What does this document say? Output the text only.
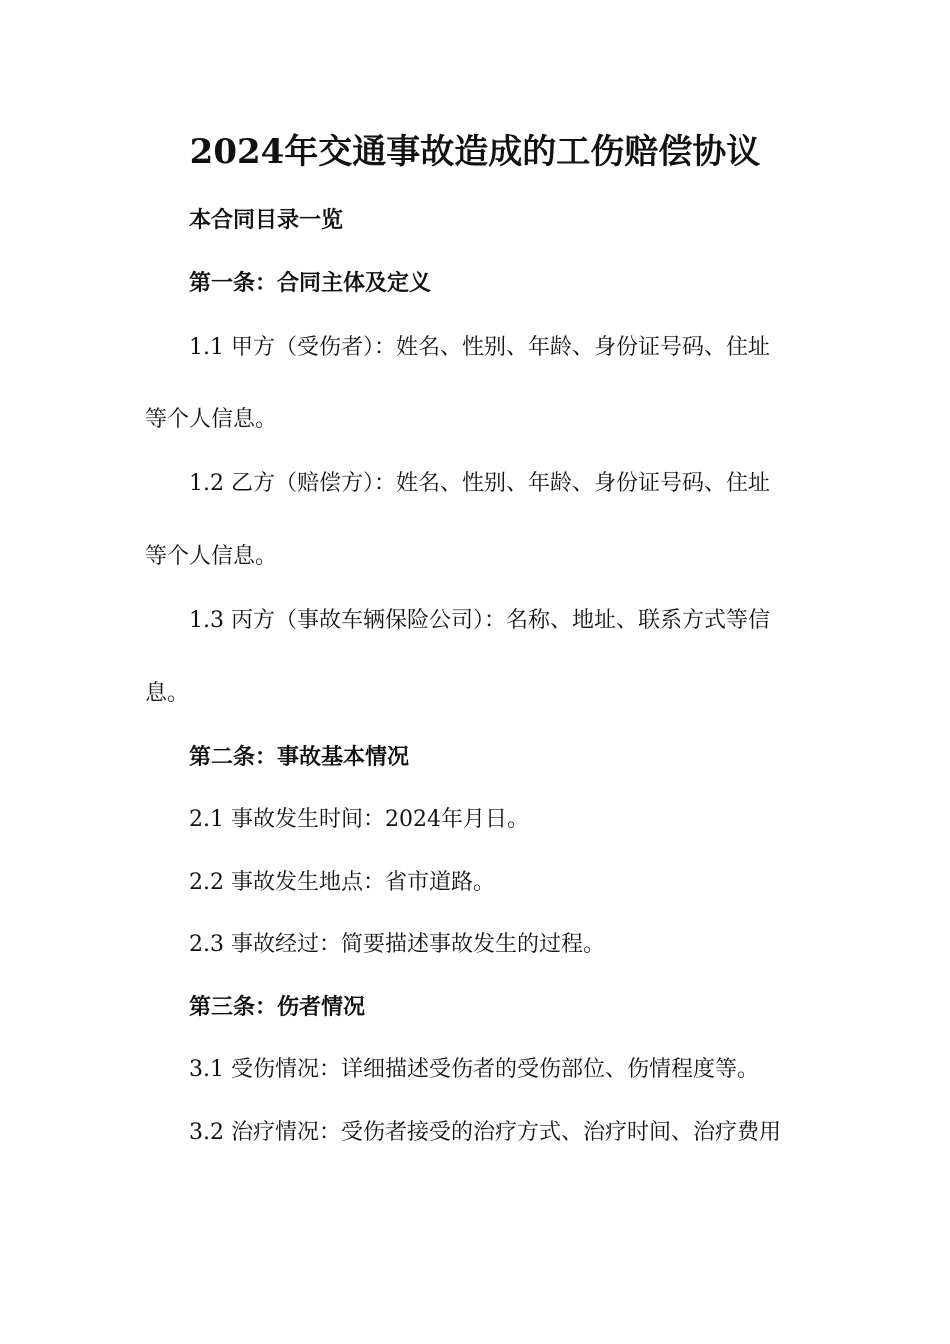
2024年交通事故造成的工伤赔偿协议
本合同目录一览
第一条：合同主体及定义
1.1 甲方（受伤者）：姓名、性别、年龄、身份证号码、住址
等个人信息。
1.2 乙方（赔偿方）：姓名、性别、年龄、身份证号码、住址
等个人信息。
1.3 丙方（事故车辆保险公司）：名称、地址、联系方式等信
息。
第二条：事故基本情况
2.1 事故发生时间：2024年月日。
2.2 事故发生地点：省市道路。
2.3 事故经过：简要描述事故发生的过程。
第三条：伤者情况
3.1 受伤情况：详细描述受伤者的受伤部位、伤情程度等。
3.2 治疗情况：受伤者接受的治疗方式、治疗时间、治疗费用
